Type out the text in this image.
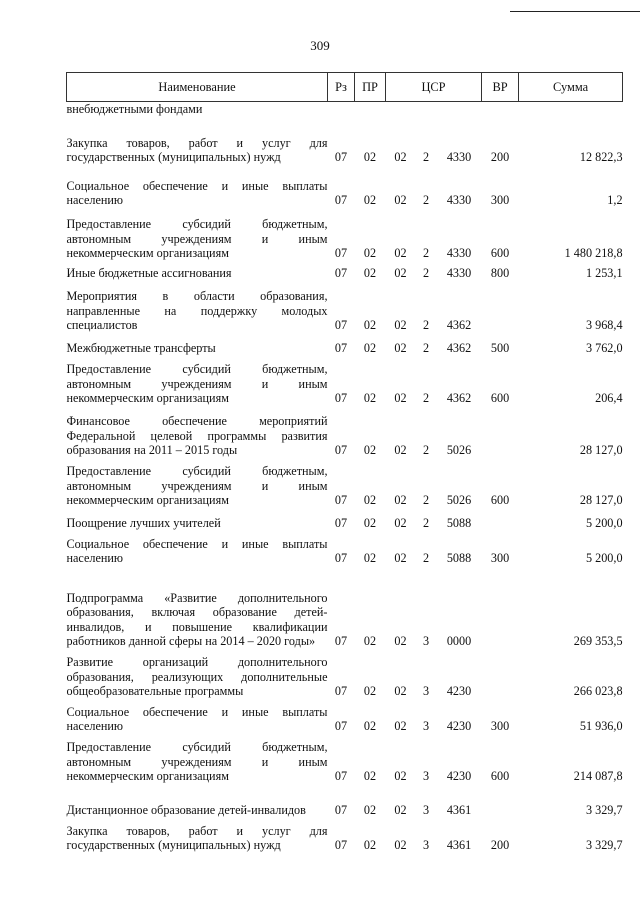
309
Наименование	Рз	ПР	ЦСР			ВР	Сумма
внебюджетными фондами							
Закупка товаров, работ и услуг для государственных (муниципальных) нужд	07	02	02	2	4330	200	12 822,3
Социальное обеспечение и иные выплаты населению	07	02	02	2	4330	300	1,2
Предоставление субсидий бюджетным, автономным учреждениям и иным некоммерческим организациям	07	02	02	2	4330	600	1 480 218,8
Иные бюджетные ассигнования	07	02	02	2	4330	800	1 253,1
Мероприятия в области образования, направленные на поддержку молодых специалистов	07	02	02	2	4362		3 968,4
Межбюджетные трансферты	07	02	02	2	4362	500	3 762,0
Предоставление субсидий бюджетным, автономным учреждениям и иным некоммерческим организациям	07	02	02	2	4362	600	206,4
Финансовое обеспечение мероприятий Федеральной целевой программы развития образования на 2011 – 2015 годы	07	02	02	2	5026		28 127,0
Предоставление субсидий бюджетным, автономным учреждениям и иным некоммерческим организациям	07	02	02	2	5026	600	28 127,0
Поощрение лучших учителей	07	02	02	2	5088		5 200,0
Социальное обеспечение и иные выплаты населению	07	02	02	2	5088	300	5 200,0
Подпрограмма «Развитие дополнительного образования, включая образование детей-инвалидов, и повышение квалификации работников данной сферы на 2014 – 2020 годы»	07	02	02	3	0000		269 353,5
Развитие организаций дополнительного образования, реализующих дополнительные общеобразовательные программы	07	02	02	3	4230		266 023,8
Социальное обеспечение и иные выплаты населению	07	02	02	3	4230	300	51 936,0
Предоставление субсидий бюджетным, автономным учреждениям и иным некоммерческим организациям	07	02	02	3	4230	600	214 087,8
Дистанционное образование детей-инвалидов	07	02	02	3	4361		3 329,7
Закупка товаров, работ и услуг для государственных (муниципальных) нужд	07	02	02	3	4361	200	3 329,7
